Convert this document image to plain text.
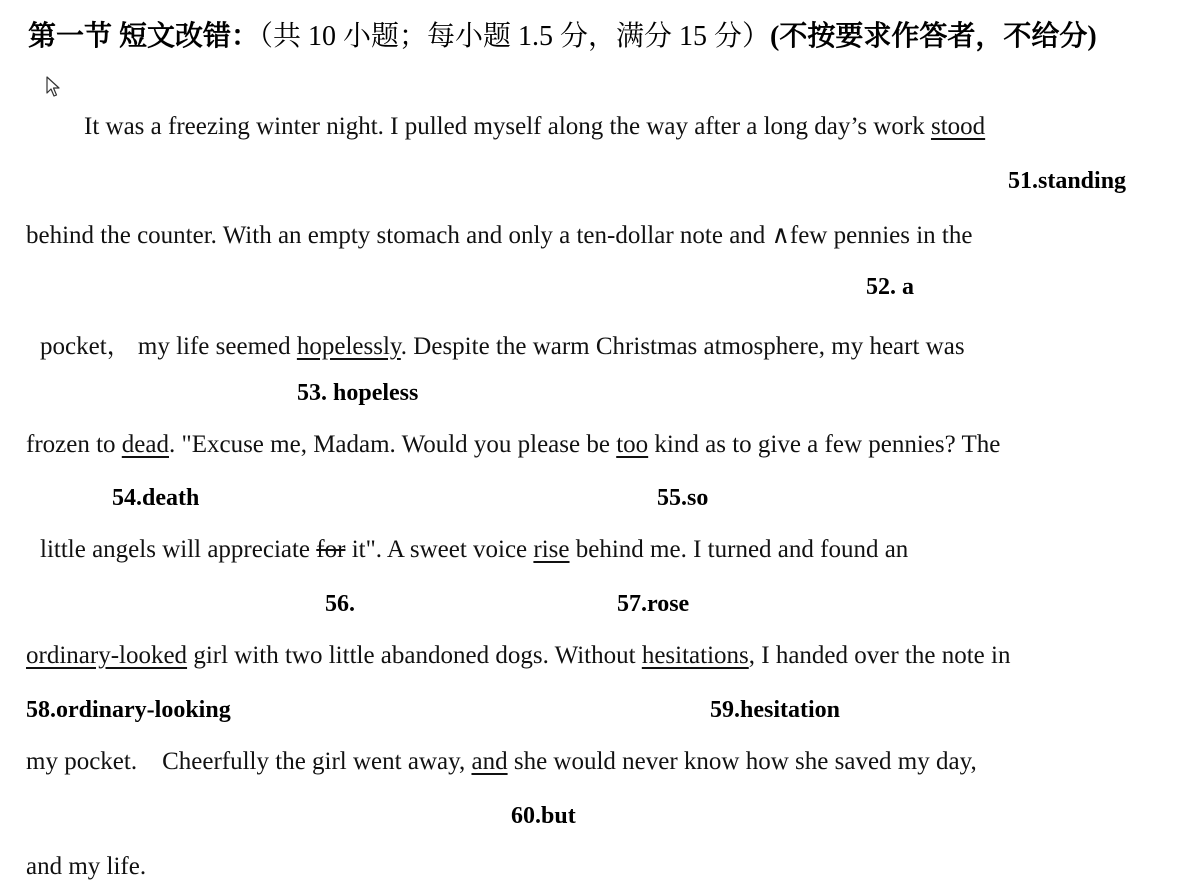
第一节 短文改错：（共 10 小题；每小题 1.5 分，满分 15 分）(不按要求作答者，不给分)
It was a freezing winter night. I pulled myself along the way after a long day’s work stood
51.standing
behind the counter. With an empty stomach and only a ten-dollar note and ∧few pennies in the
52. a
pocket， my life seemed hopelessly. Despite the warm Christmas atmosphere, my heart was
53. hopeless
frozen to dead. "Excuse me, Madam. Would you please be too kind as to give a few pennies? The
54.death	55.so
little angels will appreciate for it". A sweet voice rise behind me. I turned and found an
56.	57.rose
ordinary-looked girl with two little abandoned dogs. Without hesitations, I handed over the note in
58.ordinary-looking	59.hesitation
my pocket.    Cheerfully the girl went away, and she would never know how she saved my day,
60.but
and my life.
